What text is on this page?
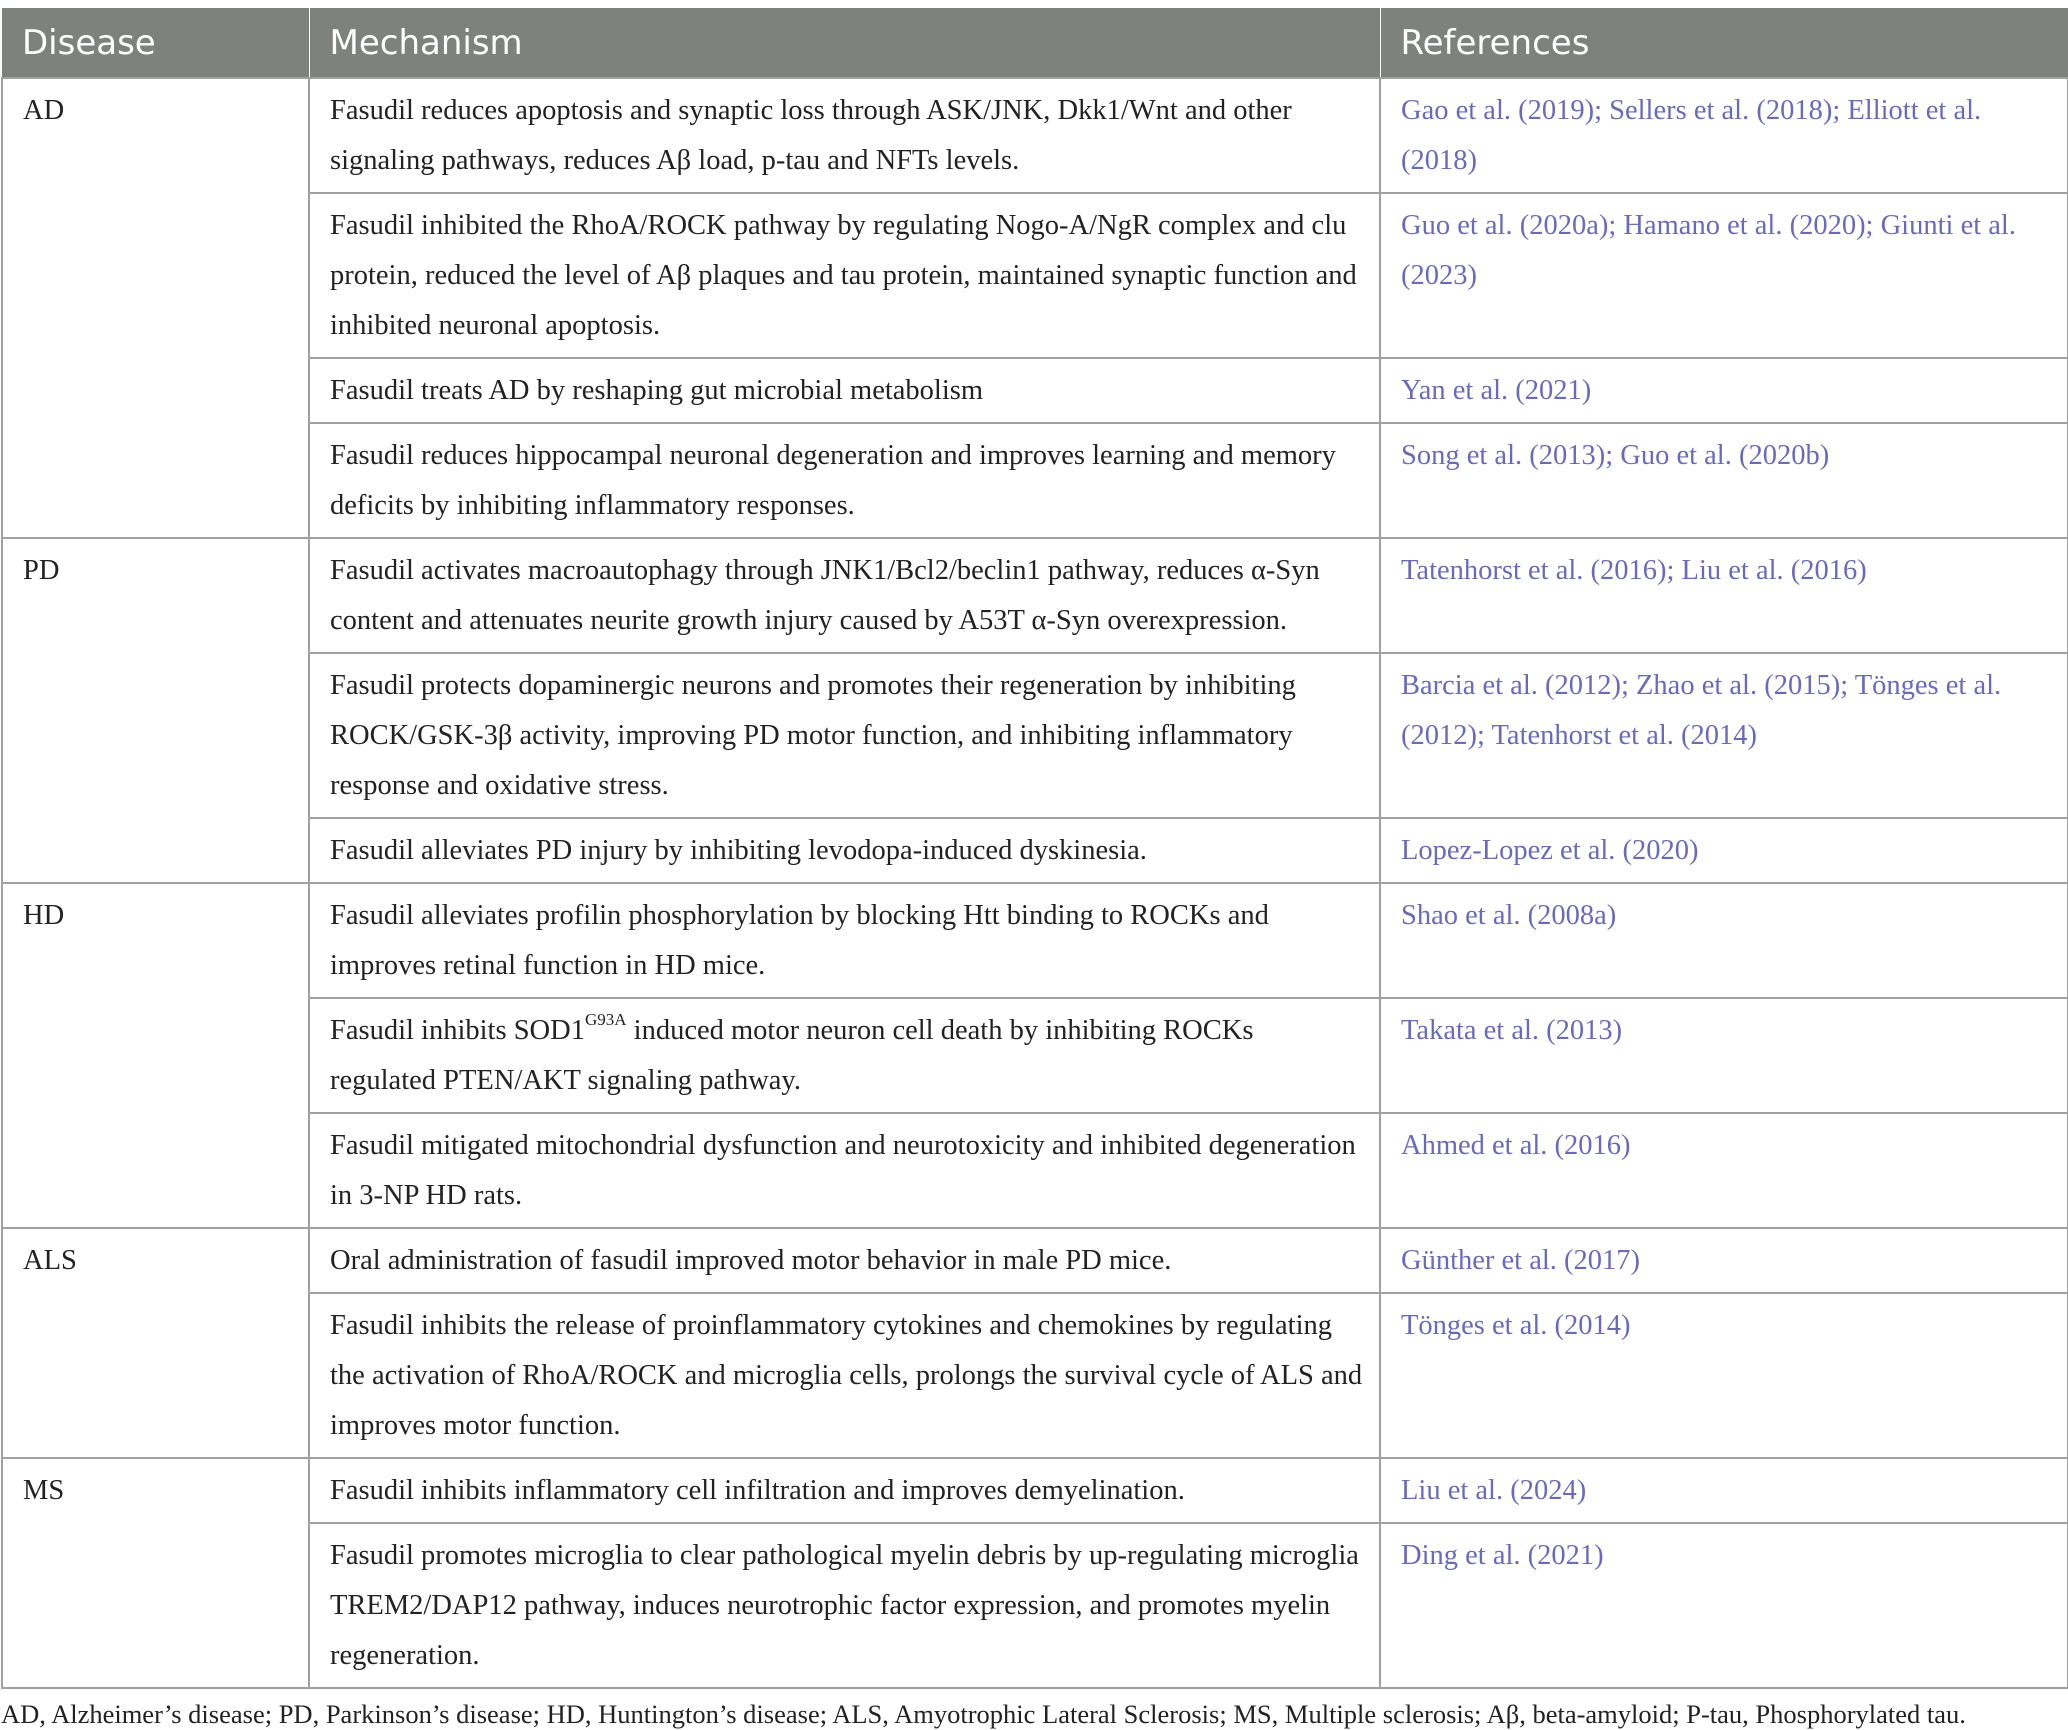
Disease	Mechanism	References
AD	Fasudil reduces apoptosis and synaptic loss through ASK/JNK, Dkk1/Wnt and other signaling pathways, reduces Aβ load, p-tau and NFTs levels.	Gao et al. (2019); Sellers et al. (2018); Elliott et al. (2018)
	Fasudil inhibited the RhoA/ROCK pathway by regulating Nogo-A/NgR complex and clu protein, reduced the level of Aβ plaques and tau protein, maintained synaptic function and inhibited neuronal apoptosis.	Guo et al. (2020a); Hamano et al. (2020); Giunti et al. (2023)
	Fasudil treats AD by reshaping gut microbial metabolism	Yan et al. (2021)
	Fasudil reduces hippocampal neuronal degeneration and improves learning and memory deficits by inhibiting inflammatory responses.	Song et al. (2013); Guo et al. (2020b)
PD	Fasudil activates macroautophagy through JNK1/Bcl2/beclin1 pathway, reduces α-Syn content and attenuates neurite growth injury caused by A53T α-Syn overexpression.	Tatenhorst et al. (2016); Liu et al. (2016)
	Fasudil protects dopaminergic neurons and promotes their regeneration by inhibiting ROCK/GSK-3β activity, improving PD motor function, and inhibiting inflammatory response and oxidative stress.	Barcia et al. (2012); Zhao et al. (2015); Tönges et al. (2012); Tatenhorst et al. (2014)
	Fasudil alleviates PD injury by inhibiting levodopa-induced dyskinesia.	Lopez-Lopez et al. (2020)
HD	Fasudil alleviates profilin phosphorylation by blocking Htt binding to ROCKs and improves retinal function in HD mice.	Shao et al. (2008a)
	Fasudil inhibits $SOD1^{G93A}$ induced motor neuron cell death by inhibiting ROCKs regulated PTEN/AKT signaling pathway.	Takata et al. (2013)
	Fasudil mitigated mitochondrial dysfunction and neurotoxicity and inhibited degeneration in 3-NP HD rats.	Ahmed et al. (2016)
ALS	Oral administration of fasudil improved motor behavior in male PD mice.	Günther et al. (2017)
	Fasudil inhibits the release of proinflammatory cytokines and chemokines by regulating the activation of RhoA/ROCK and microglia cells, prolongs the survival cycle of ALS and improves motor function.	Tönges et al. (2014)
MS	Fasudil inhibits inflammatory cell infiltration and improves demyelination.	Liu et al. (2024)
	Fasudil promotes microglia to clear pathological myelin debris by up-regulating microglia TREM2/DAP12 pathway, induces neurotrophic factor expression, and promotes myelin regeneration.	Ding et al. (2021)
AD, Alzheimer’s disease; PD, Parkinson’s disease; HD, Huntington’s disease; ALS, Amyotrophic Lateral Sclerosis; MS, Multiple sclerosis; Aβ, beta-amyloid; P-tau, Phosphorylated tau.
